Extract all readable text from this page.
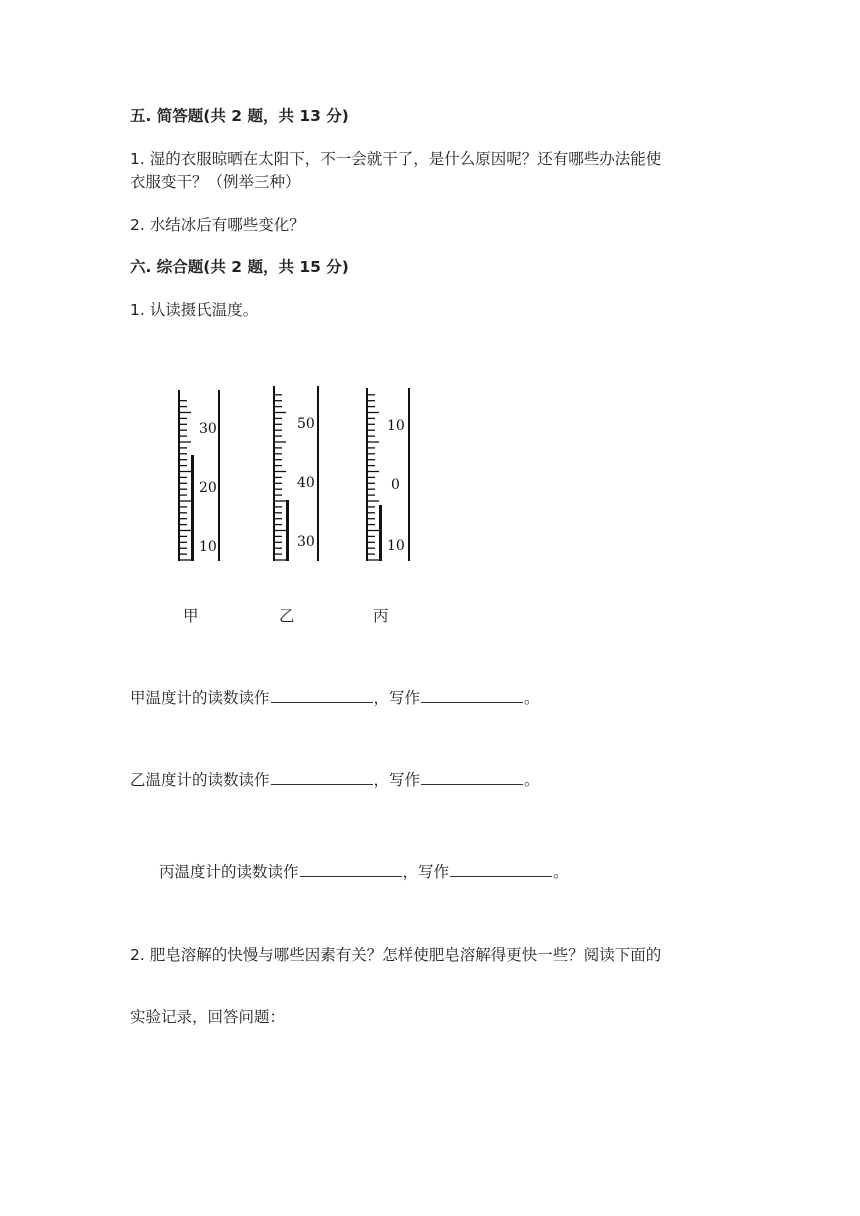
五. 简答题(共 2 题，共 13 分)
1. 湿的衣服晾晒在太阳下，不一会就干了，是什么原因呢？还有哪些办法能使
衣服变干？（例举三种）
2. 水结冰后有哪些变化？
六. 综合题(共 2 题，共 15 分)
1. 认读摄氏温度。
30
20
10
50
40
30
10
0
10
甲	乙	丙
甲温度计的读数读作	，写作	。
乙温度计的读数读作	，写作	。
丙温度计的读数读作	，写作	。
2. 肥皂溶解的快慢与哪些因素有关？怎样使肥皂溶解得更快一些？阅读下面的
实验记录，回答问题：
